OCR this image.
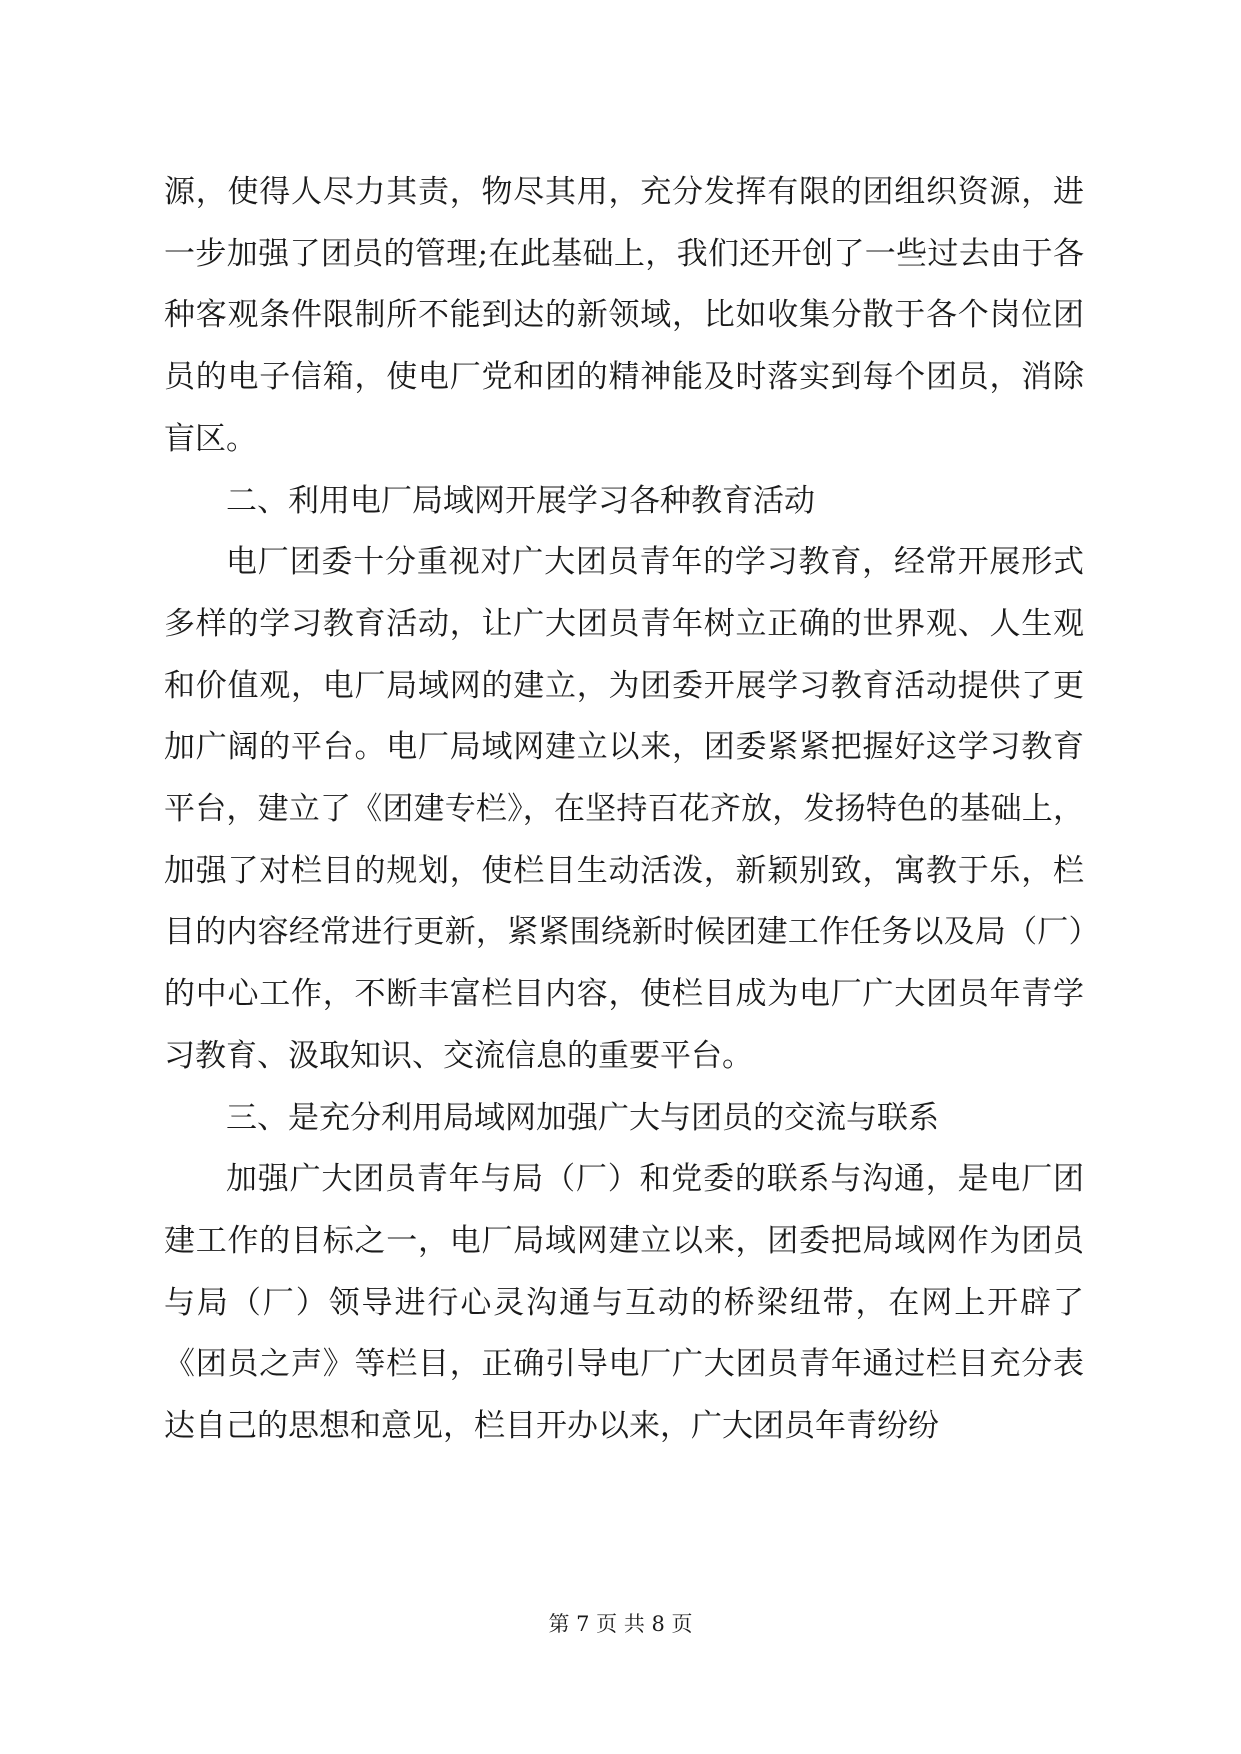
源，使得人尽力其责，物尽其用，充分发挥有限的团组织资源，进一步加强了团员的管理;在此基础上，我们还开创了一些过去由于各种客观条件限制所不能到达的新领域，比如收集分散于各个岗位团员的电子信箱，使电厂党和团的精神能及时落实到每个团员，消除盲区。

二、利用电厂局域网开展学习各种教育活动

电厂团委十分重视对广大团员青年的学习教育，经常开展形式多样的学习教育活动，让广大团员青年树立正确的世界观、人生观和价值观，电厂局域网的建立，为团委开展学习教育活动提供了更加广阔的平台。电厂局域网建立以来，团委紧紧把握好这学习教育平台，建立了《团建专栏》，在坚持百花齐放，发扬特色的基础上，加强了对栏目的规划，使栏目生动活泼，新颖别致，寓教于乐，栏目的内容经常进行更新，紧紧围绕新时候团建工作任务以及局（厂）的中心工作，不断丰富栏目内容，使栏目成为电厂广大团员年青学习教育、汲取知识、交流信息的重要平台。

三、是充分利用局域网加强广大与团员的交流与联系

加强广大团员青年与局（厂）和党委的联系与沟通，是电厂团建工作的目标之一，电厂局域网建立以来，团委把局域网作为团员与局（厂）领导进行心灵沟通与互动的桥梁纽带，在网上开辟了《团员之声》等栏目，正确引导电厂广大团员青年通过栏目充分表达自己的思想和意见，栏目开办以来，广大团员年青纷纷

第 7 页 共 8 页
